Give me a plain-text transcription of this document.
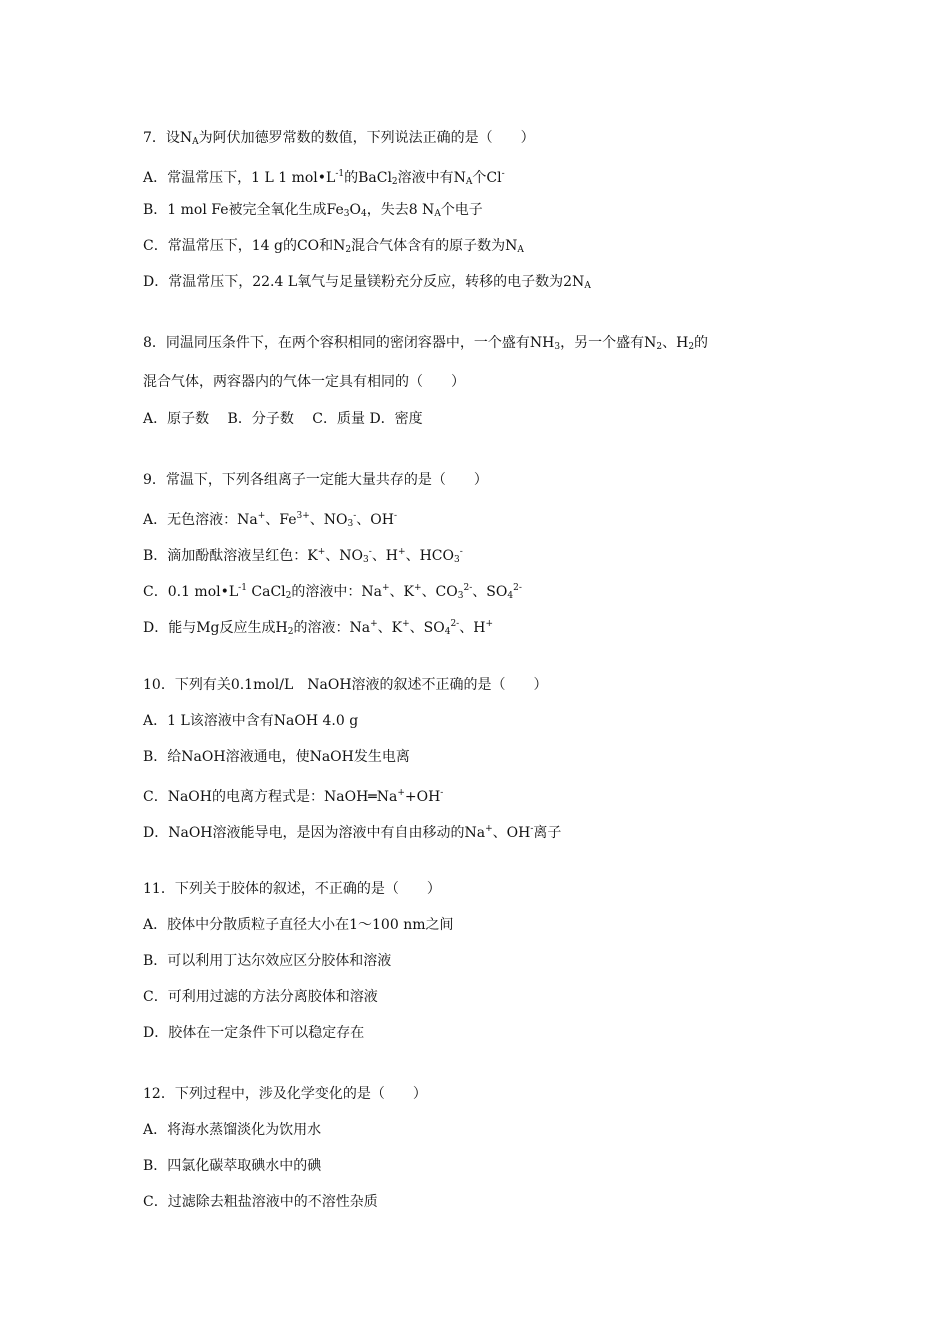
7．设$N_A$为阿伏加德罗常数的数值，下列说法正确的是（　　）
A．常温常压下，1 L 1 $mol•L^{-1}$的BaCl$_2$溶液中有$N_A$个Cl-
B．1 mol Fe被完全氧化生成$Fe_3O_4$，失去8 $N_A$个电子
C．常温常压下，14 g的CO和$N_2$混合气体含有的原子数为$N_A$
D．常温常压下，22.4 L氧气与足量镁粉充分反应，转移的电子数为$2N_A$
8．同温同压条件下，在两个容积相同的密闭容器中，一个盛有$NH_3$，另一个盛有$N_2$、$H_2$的
混合气体，两容器内的气体一定具有相同的（　　）
A．原子数　 B．分子数　 C．质量 D．密度
9．常温下，下列各组离子一定能大量共存的是（　　）
A．无色溶液：Na+、$Fe^{3+}$、$NO_3^-$、OH-
B．滴加酚酞溶液呈红色：K+、$NO_3^-$、H+、$HCO_3^-$
C．0.1 $mol•L^{-1}$ CaCl$_2$的溶液中：Na+、K+、$CO_3^{2-}$、$SO_4^{2-}$
D．能与Mg反应生成$H_2$的溶液：Na+、K+、$SO_4^{2-}$、H+
10．下列有关0.1mol/L　NaOH溶液的叙述不正确的是（　　）
A．1 L该溶液中含有NaOH 4.0 g
B．给NaOH溶液通电，使NaOH发生电离
C．NaOH的电离方程式是：NaOH═Na++OH-
D．NaOH溶液能导电，是因为溶液中有自由移动的Na+、OH-离子
11．下列关于胶体的叙述，不正确的是（　　）
A．胶体中分散质粒子直径大小在1～100 nm之间
B．可以利用丁达尔效应区分胶体和溶液
C．可利用过滤的方法分离胶体和溶液
D．胶体在一定条件下可以稳定存在
12．下列过程中，涉及化学变化的是（　　）
A．将海水蒸馏淡化为饮用水
B．四氯化碳萃取碘水中的碘
C．过滤除去粗盐溶液中的不溶性杂质
